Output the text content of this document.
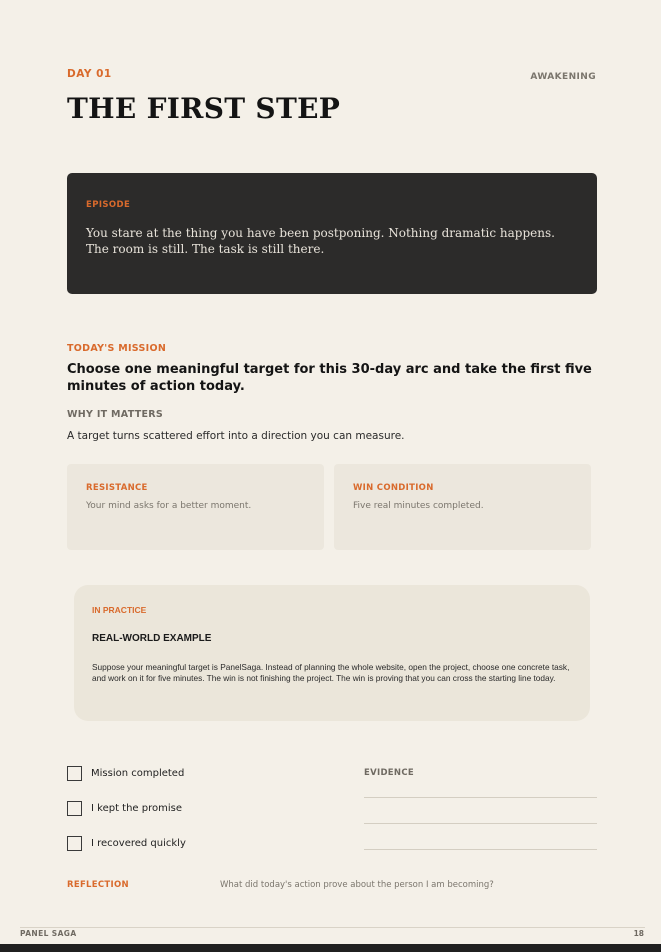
DAY 01	AWAKENING
THE FIRST STEP
EPISODE
You stare at the thing you have been postponing. Nothing dramatic happens. The room is still. The task is still there.
TODAY'S MISSION
Choose one meaningful target for this 30-day arc and take the first five minutes of action today.
WHY IT MATTERS
A target turns scattered effort into a direction you can measure.
RESISTANCE
Your mind asks for a better moment.
WIN CONDITION
Five real minutes completed.
IN PRACTICE
REAL-WORLD EXAMPLE
Suppose your meaningful target is PanelSaga. Instead of planning the whole website, open the project, choose one concrete task, and work on it for five minutes. The win is not finishing the project. The win is proving that you can cross the starting line today.
Mission completed
I kept the promise
I recovered quickly
EVIDENCE
REFLECTION	What did today's action prove about the person I am becoming?
PANEL SAGA	18
